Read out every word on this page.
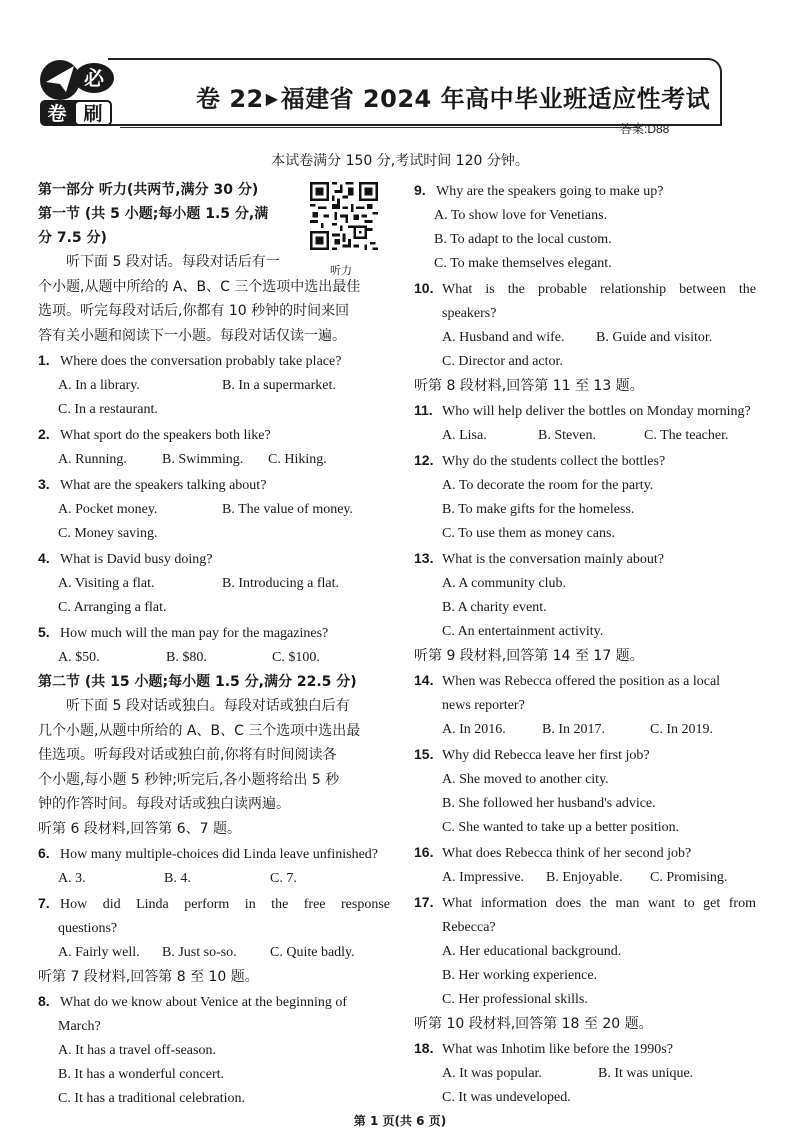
必
卷 刷
卷 22 ▶福建省 2024 年高中毕业班适应性考试
答案:D88
本试卷满分 150 分,考试时间 120 分钟。
听力
第一部分 听力(共两节,满分 30 分)
第一节 (共 5 小题;每小题 1.5 分,满
分 7.5 分)
听下面 5 段对话。每段对话后有一
个小题,从题中所给的 A、B、C 三个选项中选出最佳
选项。听完每段对话后,你都有 10 秒钟的时间来回
答有关小题和阅读下一小题。每段对话仅读一遍。
1. Where does the conversation probably take place?
A. In a library.	B. In a supermarket.
C. In a restaurant.
2. What sport do the speakers both like?
A. Running.	B. Swimming.	C. Hiking.
3. What are the speakers talking about?
A. Pocket money.	B. The value of money.
C. Money saving.
4. What is David busy doing?
A. Visiting a flat.	B. Introducing a flat.
C. Arranging a flat.
5. How much will the man pay for the magazines?
A. $50.	B. $80.	C. $100.
第二节 (共 15 小题;每小题 1.5 分,满分 22.5 分)
听下面 5 段对话或独白。每段对话或独白后有
几个小题,从题中所给的 A、B、C 三个选项中选出最
佳选项。听每段对话或独白前,你将有时间阅读各
个小题,每小题 5 秒钟;听完后,各小题将给出 5 秒
钟的作答时间。每段对话或独白读两遍。
听第 6 段材料,回答第 6、7 题。
6. How many multiple-choices did Linda leave unfinished?
A. 3.	B. 4.	C. 7.
7. How  did  Linda  perform  in  the  free  response
questions?
A. Fairly well.	B. Just so-so.	C. Quite badly.
听第 7 段材料,回答第 8 至 10 题。
8. What do we know about Venice at the beginning of
March?
A. It has a travel off-season.
B. It has a wonderful concert.
C. It has a traditional celebration.
9. Why are the speakers going to make up?
A. To show love for Venetians.
B. To adapt to the local custom.
C. To make themselves elegant.
10. What  is  the  probable  relationship  between  the
speakers?
A. Husband and wife.	B. Guide and visitor.
C. Director and actor.
听第 8 段材料,回答第 11 至 13 题。
11. Who will help deliver the bottles on Monday morning?
A. Lisa.	B. Steven.	C. The teacher.
12. Why do the students collect the bottles?
A. To decorate the room for the party.
B. To make gifts for the homeless.
C. To use them as money cans.
13. What is the conversation mainly about?
A. A community club.
B. A charity event.
C. An entertainment activity.
听第 9 段材料,回答第 14 至 17 题。
14. When was Rebecca offered the position as a local
news reporter?
A. In 2016.	B. In 2017.	C. In 2019.
15. Why did Rebecca leave her first job?
A. She moved to another city.
B. She followed her husband's advice.
C. She wanted to take up a better position.
16. What does Rebecca think of her second job?
A. Impressive.	B. Enjoyable.	C. Promising.
17. What  information  does  the  man  want  to  get  from
Rebecca?
A. Her educational background.
B. Her working experience.
C. Her professional skills.
听第 10 段材料,回答第 18 至 20 题。
18. What was Inhotim like before the 1990s?
A. It was popular.	B. It was unique.
C. It was undeveloped.
第 1 页(共 6 页)
